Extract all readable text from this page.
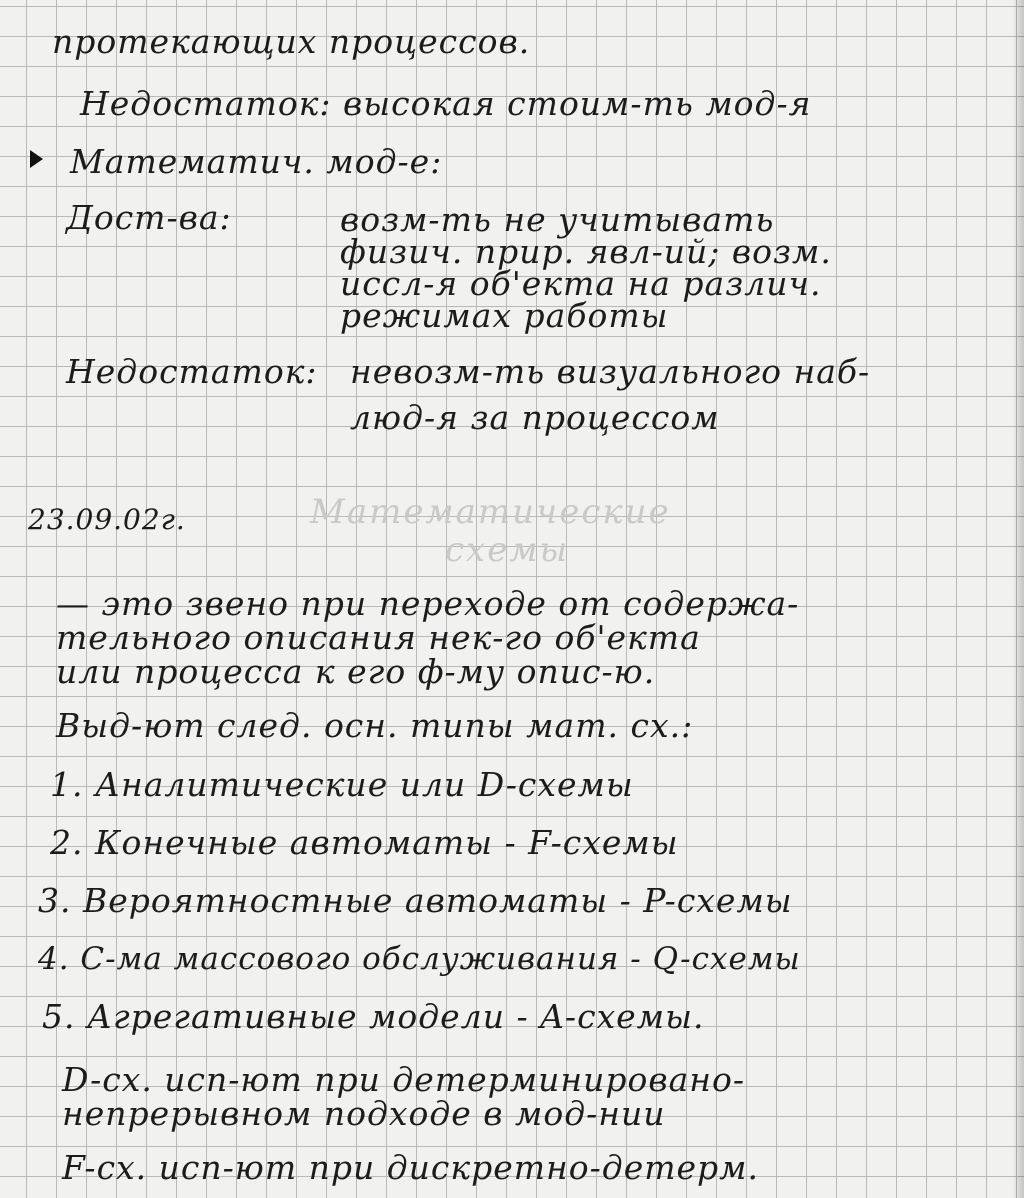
протекающих процессов.
Недостаток: высокая стоим-ть мод-я
Математич. мод-е:
Дост-ва:	возм-ть не учитывать
физич. прир. явл-ий; возм.
иссл-я об'екта на различ.
режимах работы
Недостаток: невозм-ть визуального наб-
люд-я за процессом
23.09.02г.	Математические
схемы
— это звено при переходе от содержа-
тельного описания нек-го об'екта
или процесса к его ф-му опис-ю.
Выд-ют след. осн. типы мат. сх.:
1. Аналитические или D-схемы
2. Конечные автоматы - F-схемы
3. Вероятностные автоматы - P-схемы
4. С-ма массового обслуживания - Q-схемы
5. Агрегативные модели - A-схемы.
D-сх. исп-ют при детерминировано-
непрерывном подходе в мод-нии
F-сх. исп-ют при дискретно-детерм.
